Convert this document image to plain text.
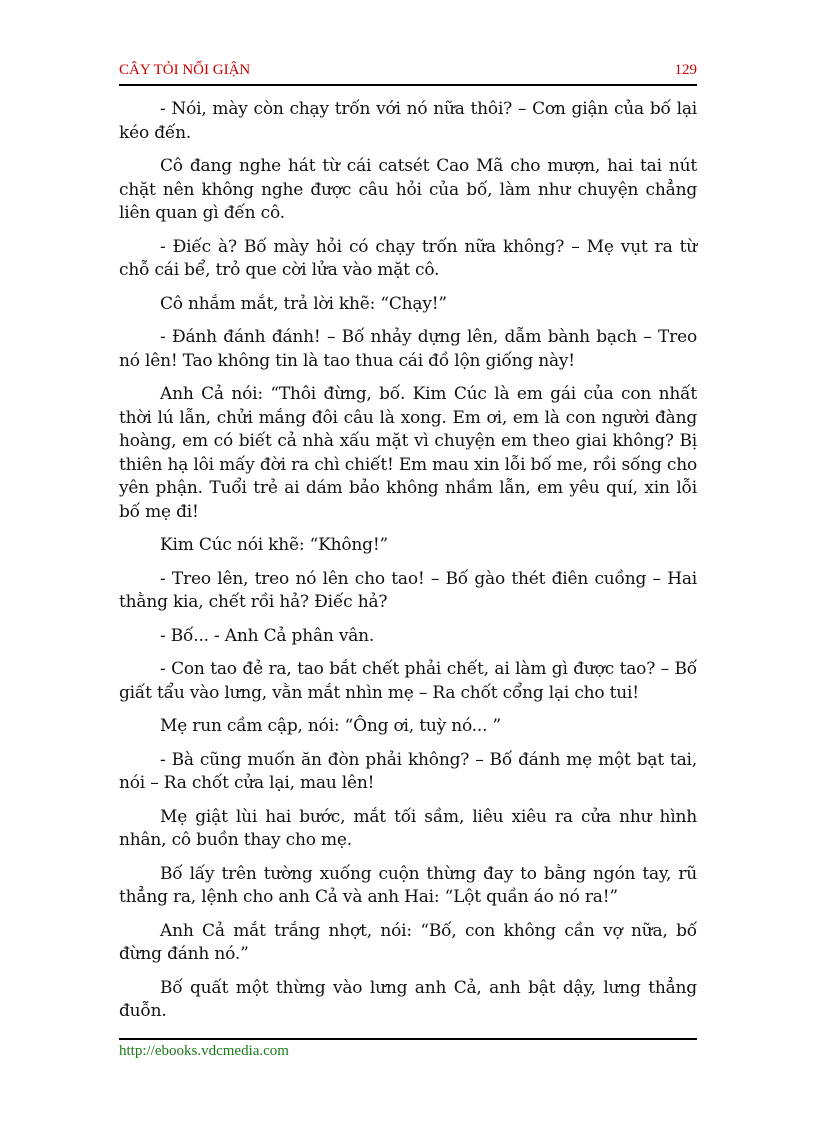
CÂY TỎI NỔI GIẬN	129

- Nói, mày còn chạy trốn với nó nữa thôi? – Cơn giận của bố lại kéo đến.

Cô đang nghe hát từ cái catsét Cao Mã cho mượn, hai tai nút chặt nên không nghe được câu hỏi của bố, làm như chuyện chẳng liên quan gì đến cô.

- Điếc à? Bố mày hỏi có chạy trốn nữa không? – Mẹ vụt ra từ chỗ cái bể, trỏ que cời lửa vào mặt cô.

Cô nhắm mắt, trả lời khẽ: “Chạy!”

- Đánh đánh đánh! – Bố nhảy dựng lên, dẫm bành bạch – Treo nó lên! Tao không tin là tao thua cái đồ lộn giống này!

Anh Cả nói: “Thôi đừng, bố. Kim Cúc là em gái của con nhất thời lú lẫn, chửi mắng đôi câu là xong. Em ơi, em là con người đàng hoàng, em có biết cả nhà xấu mặt vì chuyện em theo giai không? Bị thiên hạ lôi mấy đời ra chì chiết! Em mau xin lỗi bố me, rồi sống cho yên phận. Tuổi trẻ ai dám bảo không nhầm lẫn, em yêu quí, xin lỗi bố mẹ đi!

Kim Cúc nói khẽ: “Không!”

- Treo lên, treo nó lên cho tao! – Bố gào thét điên cuồng – Hai thằng kia, chết rồi hả? Điếc hả?

- Bố... - Anh Cả phân vân.

- Con tao đẻ ra, tao bắt chết phải chết, ai làm gì được tao? – Bố giất tẩu vào lưng, vằn mắt nhìn mẹ – Ra chốt cổng lại cho tui!

Mẹ run cầm cập, nói: “Ông ơi, tuỳ nó... ”

- Bà cũng muốn ăn đòn phải không? – Bố đánh mẹ một bạt tai, nói – Ra chốt cửa lại, mau lên!

Mẹ giật lùi hai bước, mắt tối sầm, liêu xiêu ra cửa như hình nhân, cô buồn thay cho mẹ.

Bố lấy trên tường xuống cuộn thừng đay to bằng ngón tay, rũ thẳng ra, lệnh cho anh Cả và anh Hai: “Lột quần áo nó ra!”

Anh Cả mắt trắng nhợt, nói: “Bố, con không cần vợ nữa, bố đừng đánh nó.”

Bố quất một thừng vào lưng anh Cả, anh bật dậy, lưng thẳng đuỗn.

http://ebooks.vdcmedia.com
